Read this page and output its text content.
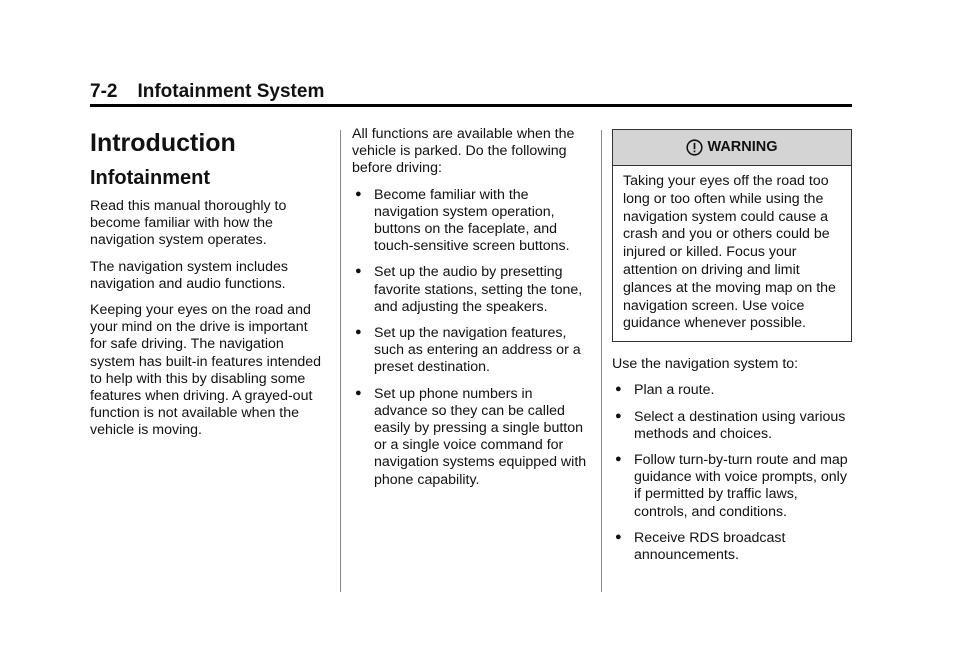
7-2 Infotainment System
Introduction
Infotainment

Read this manual thoroughly to become familiar with how the navigation system operates.

The navigation system includes navigation and audio functions.

Keeping your eyes on the road and your mind on the drive is important for safe driving. The navigation system has built-in features intended to help with this by disabling some features when driving. A grayed-out function is not available when the vehicle is moving.

All functions are available when the vehicle is parked. Do the following before driving:

● Become familiar with the navigation system operation, buttons on the faceplate, and touch-sensitive screen buttons.
● Set up the audio by presetting favorite stations, setting the tone, and adjusting the speakers.
● Set up the navigation features, such as entering an address or a preset destination.
● Set up phone numbers in advance so they can be called easily by pressing a single button or a single voice command for navigation systems equipped with phone capability.
WARNING
Taking your eyes off the road too long or too often while using the navigation system could cause a crash and you or others could be injured or killed. Focus your attention on driving and limit glances at the moving map on the navigation screen. Use voice guidance whenever possible.

Use the navigation system to:

● Plan a route.
● Select a destination using various methods and choices.
● Follow turn-by-turn route and map guidance with voice prompts, only if permitted by traffic laws, controls, and conditions.
● Receive RDS broadcast announcements.
